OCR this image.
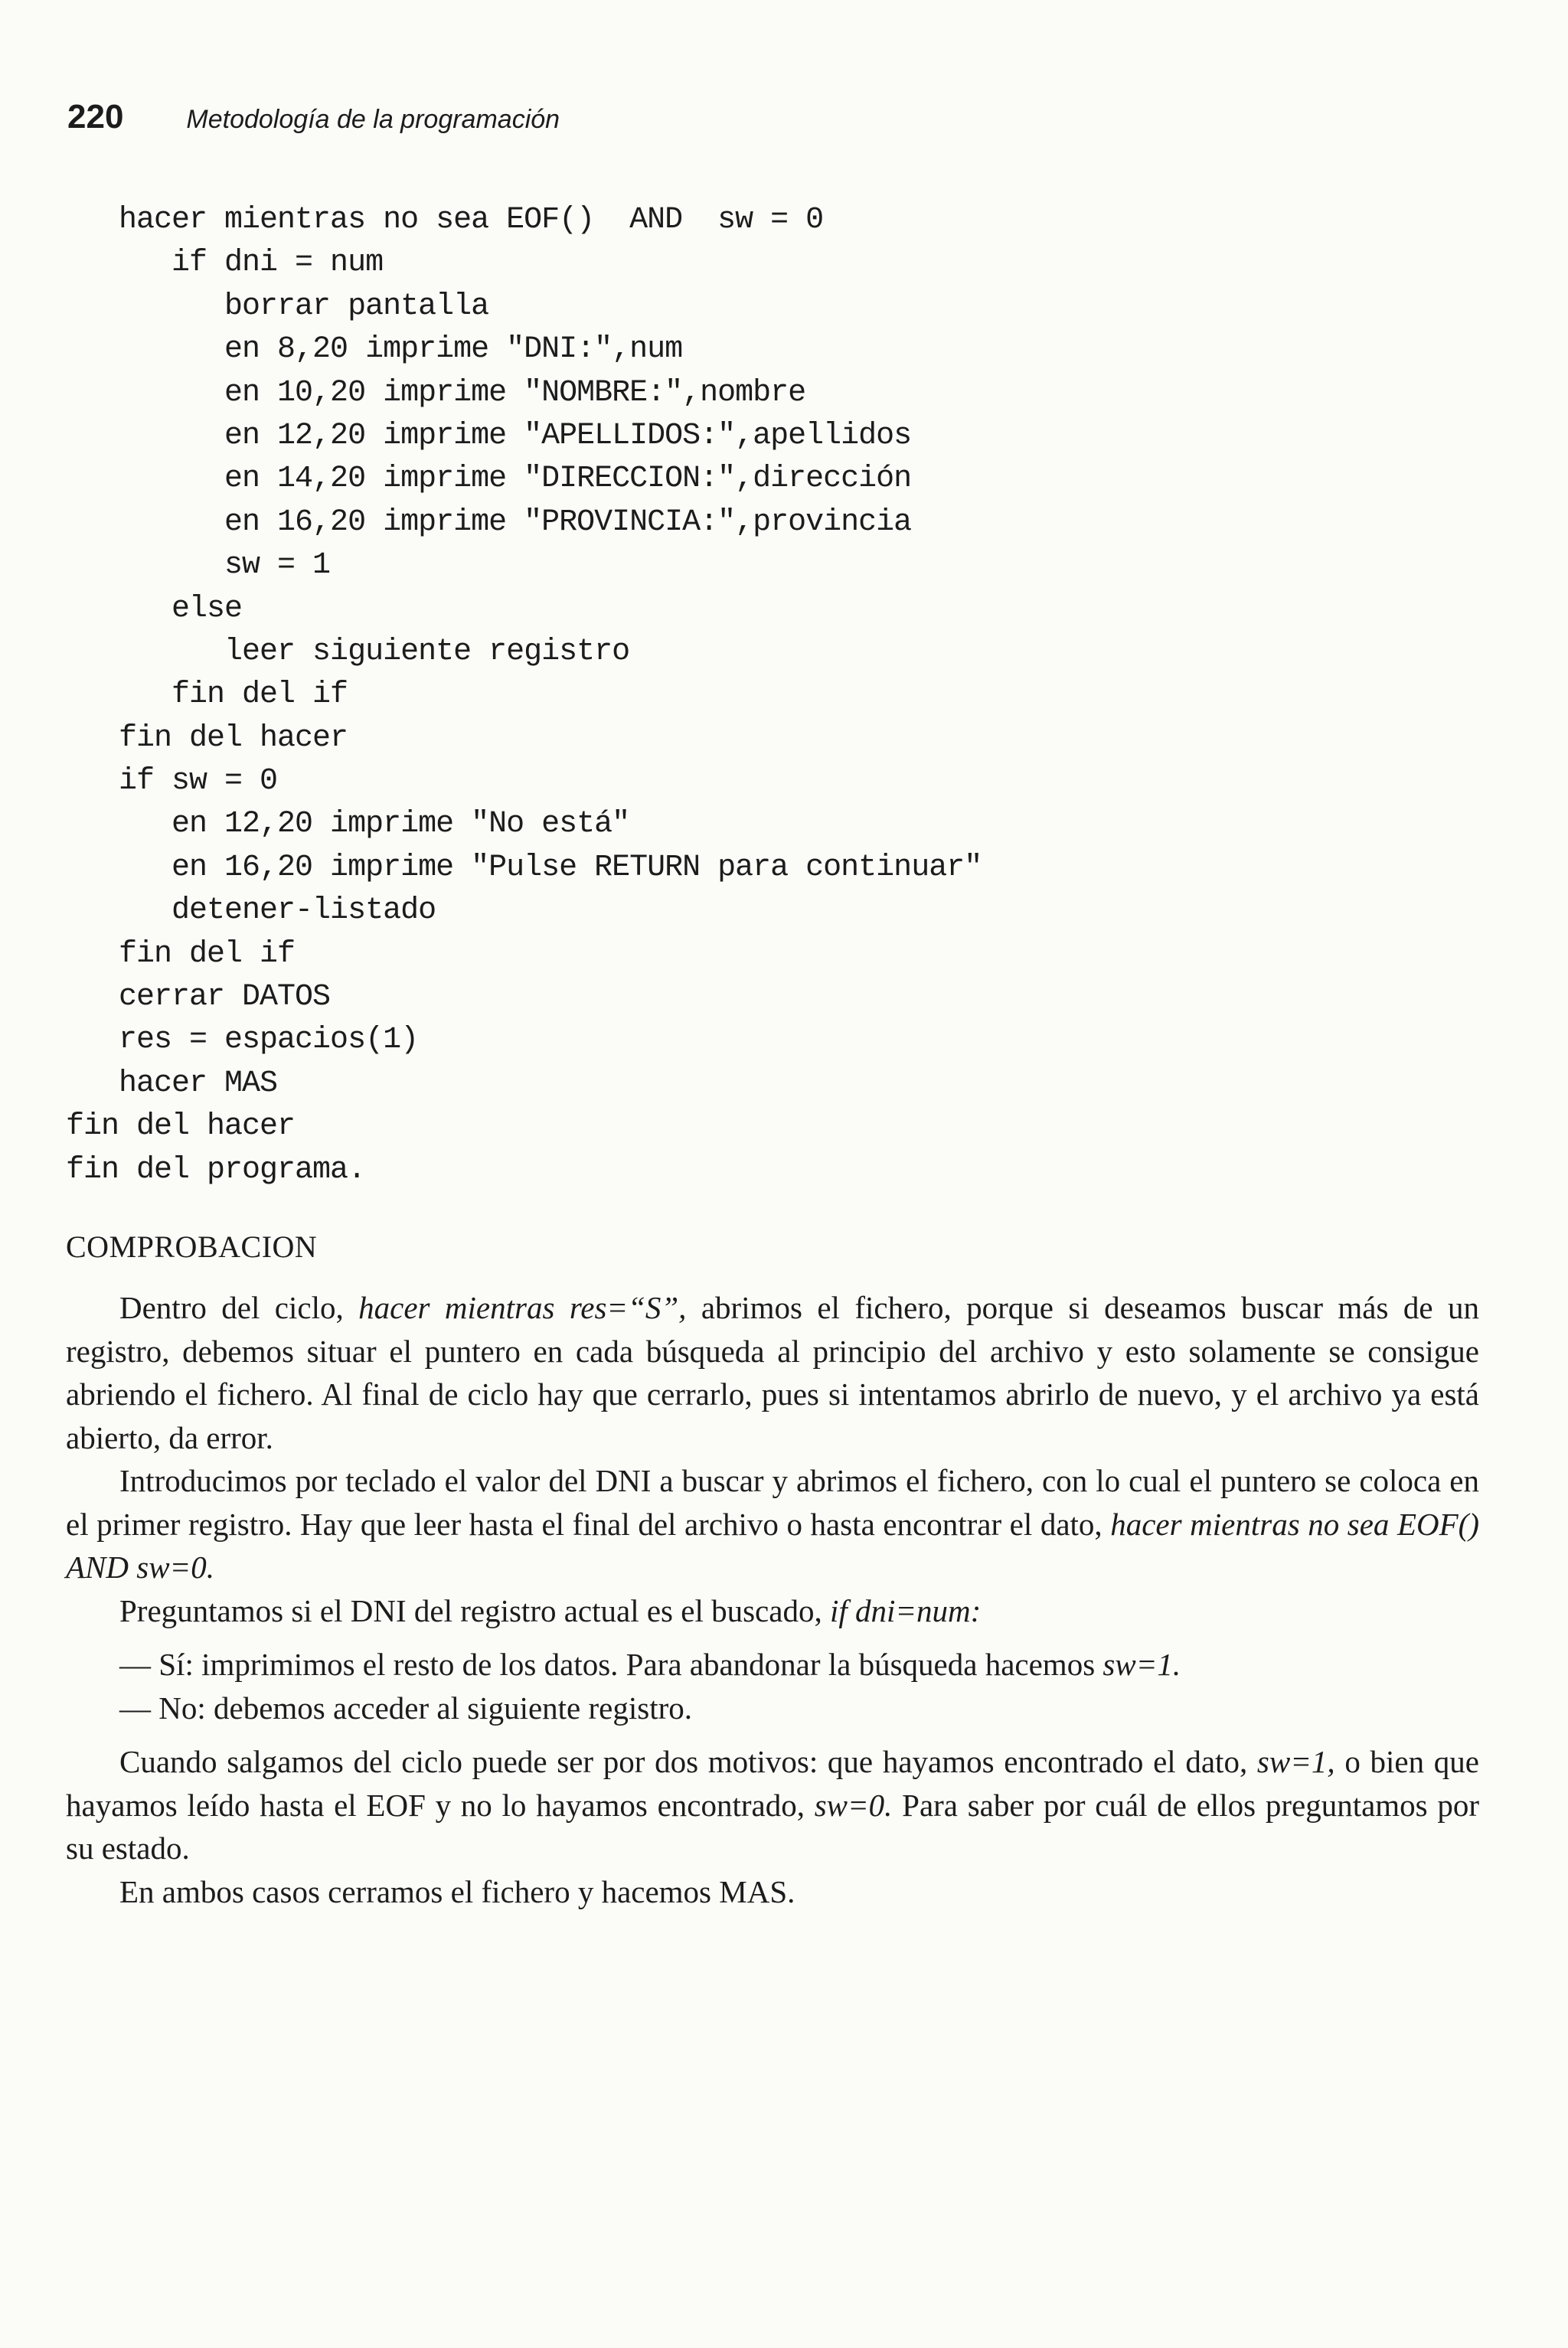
220 Metodología de la programación
hacer mientras no sea EOF()  AND  sw = 0
if dni = num
borrar pantalla
en 8,20 imprime "DNI:",num
en 10,20 imprime "NOMBRE:",nombre
en 12,20 imprime "APELLIDOS:",apellidos
en 14,20 imprime "DIRECCION:",dirección
en 16,20 imprime "PROVINCIA:",provincia
sw = 1
else
leer siguiente registro
fin del if
fin del hacer
if sw = 0
en 12,20 imprime "No está"
en 16,20 imprime "Pulse RETURN para continuar"
detener-listado
fin del if
cerrar DATOS
res = espacios(1)
hacer MAS
fin del hacer
fin del programa.
COMPROBACION

Dentro del ciclo, hacer mientras res=“S”, abrimos el fichero, porque si deseamos buscar más de un registro, debemos situar el puntero en cada búsqueda al principio del archivo y esto solamente se consigue abriendo el fichero. Al final de ciclo hay que cerrarlo, pues si intentamos abrirlo de nuevo, y el archivo ya está abierto, da error.

Introducimos por teclado el valor del DNI a buscar y abrimos el fichero, con lo cual el puntero se coloca en el primer registro. Hay que leer hasta el final del archivo o hasta encontrar el dato, hacer mientras no sea EOF() AND sw=0.

Preguntamos si el DNI del registro actual es el buscado, if dni=num:

— Sí: imprimimos el resto de los datos. Para abandonar la búsqueda hacemos sw=1.
— No: debemos acceder al siguiente registro.

Cuando salgamos del ciclo puede ser por dos motivos: que hayamos encontrado el dato, sw=1, o bien que hayamos leído hasta el EOF y no lo hayamos encontrado, sw=0. Para saber por cuál de ellos preguntamos por su estado.

En ambos casos cerramos el fichero y hacemos MAS.
